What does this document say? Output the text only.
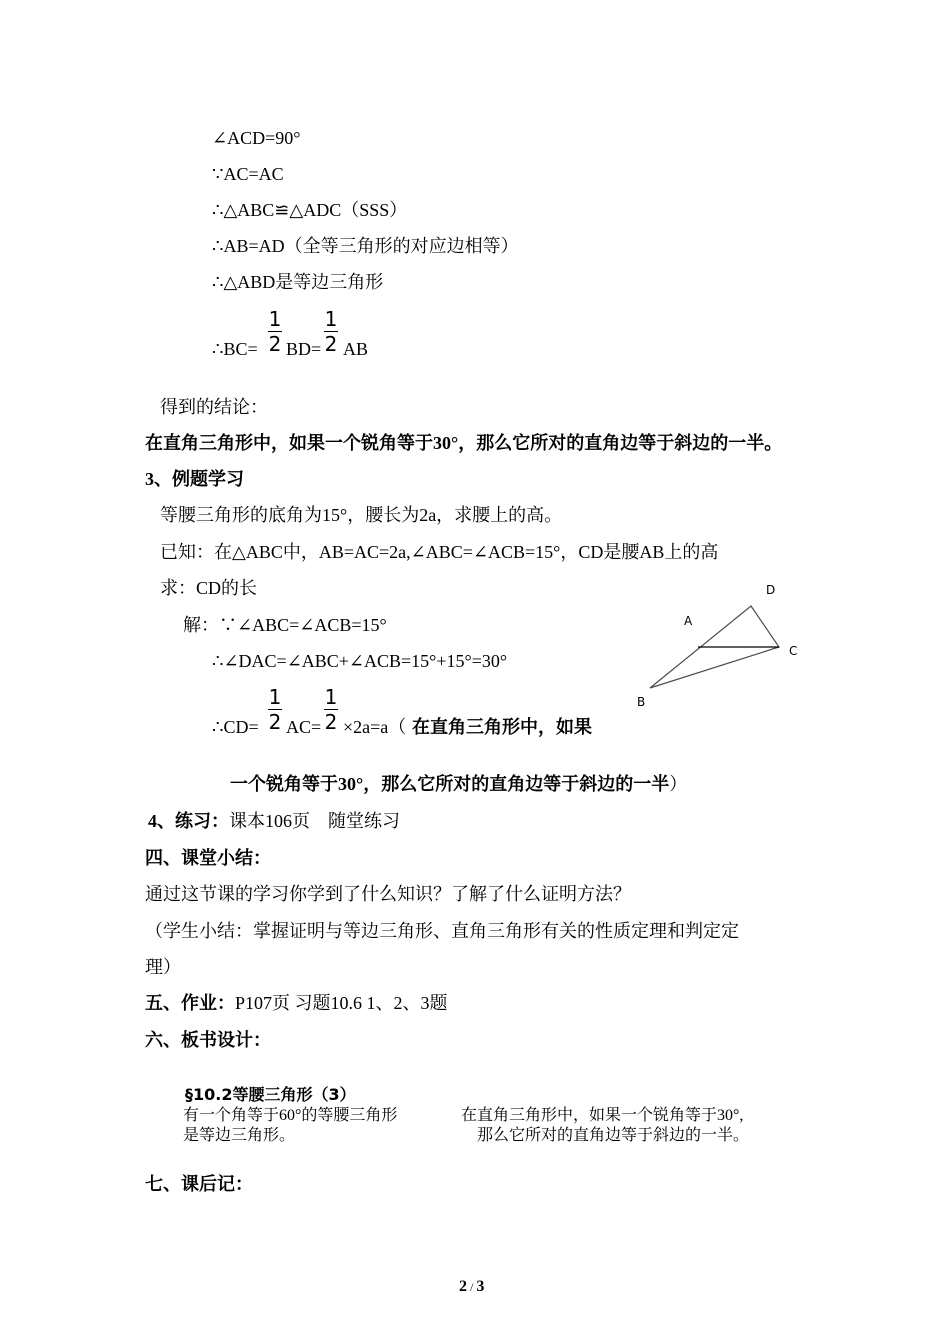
∠ACD=90°
∵AC=AC
∴△ABC≌△ADC（SSS）
∴AB=AD（全等三角形的对应边相等）
∴△ABD是等边三角形
∴BC=
1
2 BD=
1
2 AB
得到的结论：
在直角三角形中，如果一个锐角等于30°，那么它所对的直角边等于斜边的一半。
3、例题学习
等腰三角形的底角为15°，腰长为2a，求腰上的高。
已知：在△ABC中，AB=AC=2a,∠ABC=∠ACB=15°，CD是腰AB上的高
求：CD的长
解：∵∠ABC=∠ACB=15°
∴∠DAC=∠ABC+∠ACB=15°+15°=30°
∴CD=
1
2 AC=
1
2 ×2a=a（ 在直角三角形中，如果
一个锐角等于30°，那么它所对的直角边等于斜边的一半）
D
A
C
B
4、练习：课本106页　随堂练习
四、课堂小结：
通过这节课的学习你学到了什么知识？了解了什么证明方法？
（学生小结：掌握证明与等边三角形、直角三角形有关的性质定理和判定定
理）
五、作业：P107页 习题10.6 1、2、3题
六、板书设计：
§10.2等腰三角形（3）
有一个角等于60°的等腰三角形
是等边三角形。
在直角三角形中，如果一个锐角等于30°,
那么它所对的直角边等于斜边的一半。
七、课后记：
2 / 3
